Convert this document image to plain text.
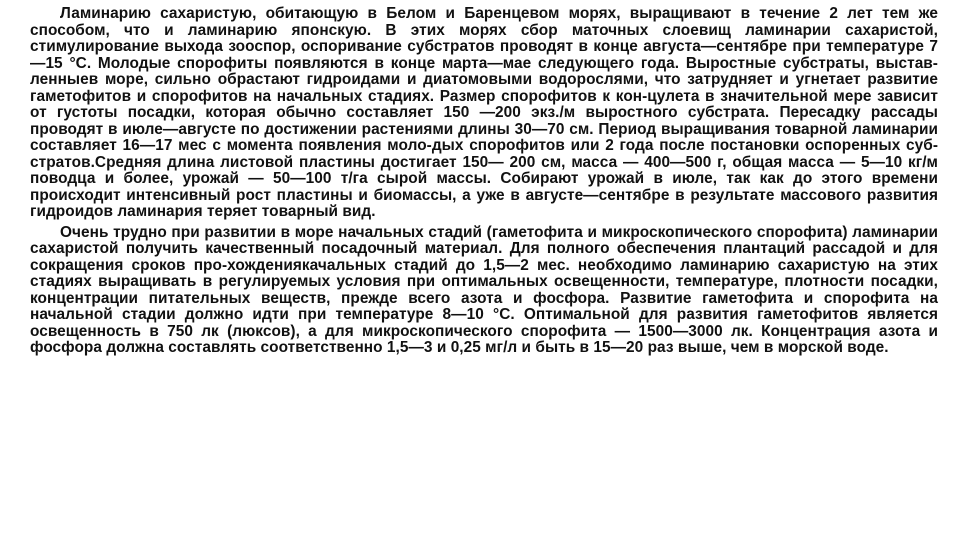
Ламинарию сахаристую, обитающую в Белом и Баренцевом морях, выращивают в течение 2 лет тем же способом, что и ламинарию японскую. В этих морях сбор маточных слоевищ ламинарии сахаристой, стимулирование выхода зооспор, оспоривание субстратов проводят в конце августа—сентябре при температуре 7—15 °С. Молодые спорофиты появляются в конце марта—мае следующего года. Выростные субстраты, выстав-ленныев море, сильно обрастают гидроидами и диатомовыми водорослями, что затрудняет и угнетает развитие гаметофитов и спорофитов на начальных стадиях. Размер спорофитов к кон-цулета в значительной мере зависит от густоты посадки, которая обычно составляет 150 —200 экз./м выростного субстрата. Пересадку рассады проводят в июле—августе по достижении растениями длины 30—70 см. Период выращивания товарной ламинарии составляет 16—17 мес с момента появления моло-дых спорофитов или 2 года после постановки оспоренных суб-стратов.Средняя длина листовой пластины достигает 150— 200 см, масса — 400—500 г, общая масса — 5—10 кг/м поводца и более, урожай — 50—100 т/га сырой массы. Собирают урожай в июле, так как до этого времени происходит интенсивный рост пластины и биомассы, а уже в августе—сентябре в результате массового развития гидроидов ламинария теряет товарный вид.

Очень трудно при развитии в море начальных стадий (гаметофита и микроскопического спорофита) ламинарии сахаристой получить качественный посадочный материал. Для полного обеспечения плантаций рассадой и для сокращения сроков про-хождениякачальных стадий до 1,5—2 мес. необходимо ламинарию сахаристую на этих стадиях выращивать в регулируемых условия при оптимальных освещенности, температуре, плотности посадки, концентрации питательных веществ, прежде всего азота и фосфора. Развитие гаметофита и спорофита на начальной стадии должно идти при температуре 8—10 °С. Оптимальной для развития гаметофитов является освещенность в 750 лк (люксов), а для микроскопического спорофита — 1500—3000 лк. Концентрация азота и фосфора должна составлять соответственно 1,5—3 и 0,25 мг/л и быть в 15—20 раз выше, чем в морской воде.
